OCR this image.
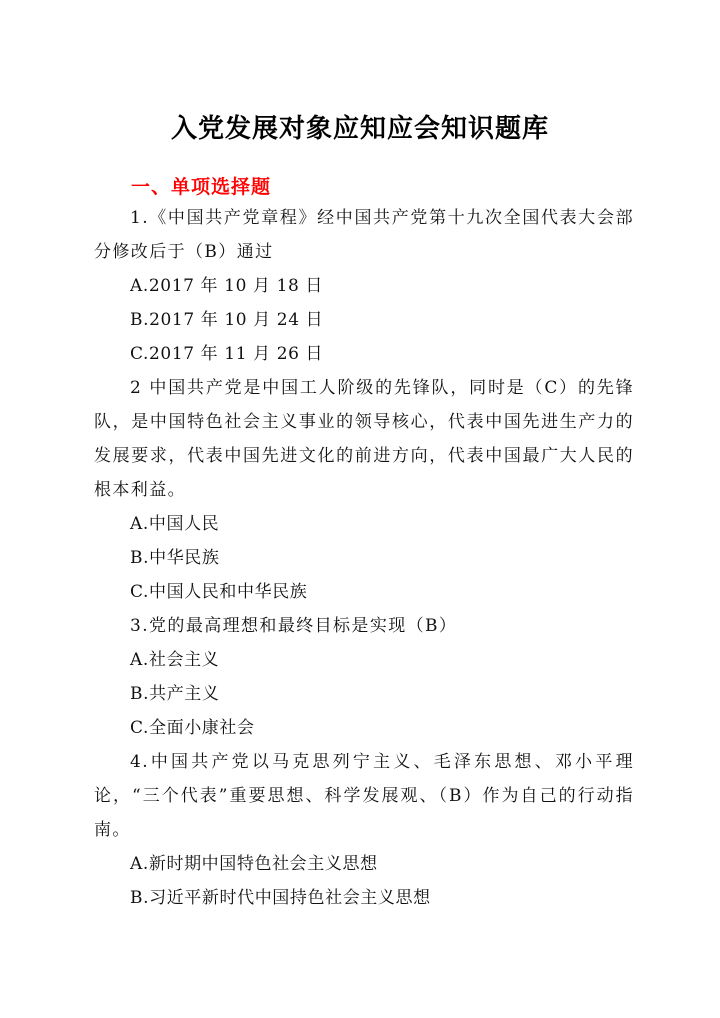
入党发展对象应知应会知识题库
一、单项选择题

1.《中国共产党章程》经中国共产党第十九次全国代表大会部分修改后于（B）通过

A.2017 年 10 月 18 日

B.2017 年 10 月 24 日

C.2017 年 11 月 26 日

2 中国共产党是中国工人阶级的先锋队，同时是（C）的先锋队，是中国特色社会主义事业的领导核心，代表中国先进生产力的发展要求，代表中国先进文化的前进方向，代表中国最广大人民的根本利益。

A.中国人民

B.中华民族

C.中国人民和中华民族

3.党的最高理想和最终目标是实现（B）

A.社会主义

B.共产主义

C.全面小康社会

4.中国共产党以马克思列宁主义、毛泽东思想、邓小平理论，“三个代表”重要思想、科学发展观、（B）作为自己的行动指南。

A.新时期中国特色社会主义思想

B.习近平新时代中国持色社会主义思想
